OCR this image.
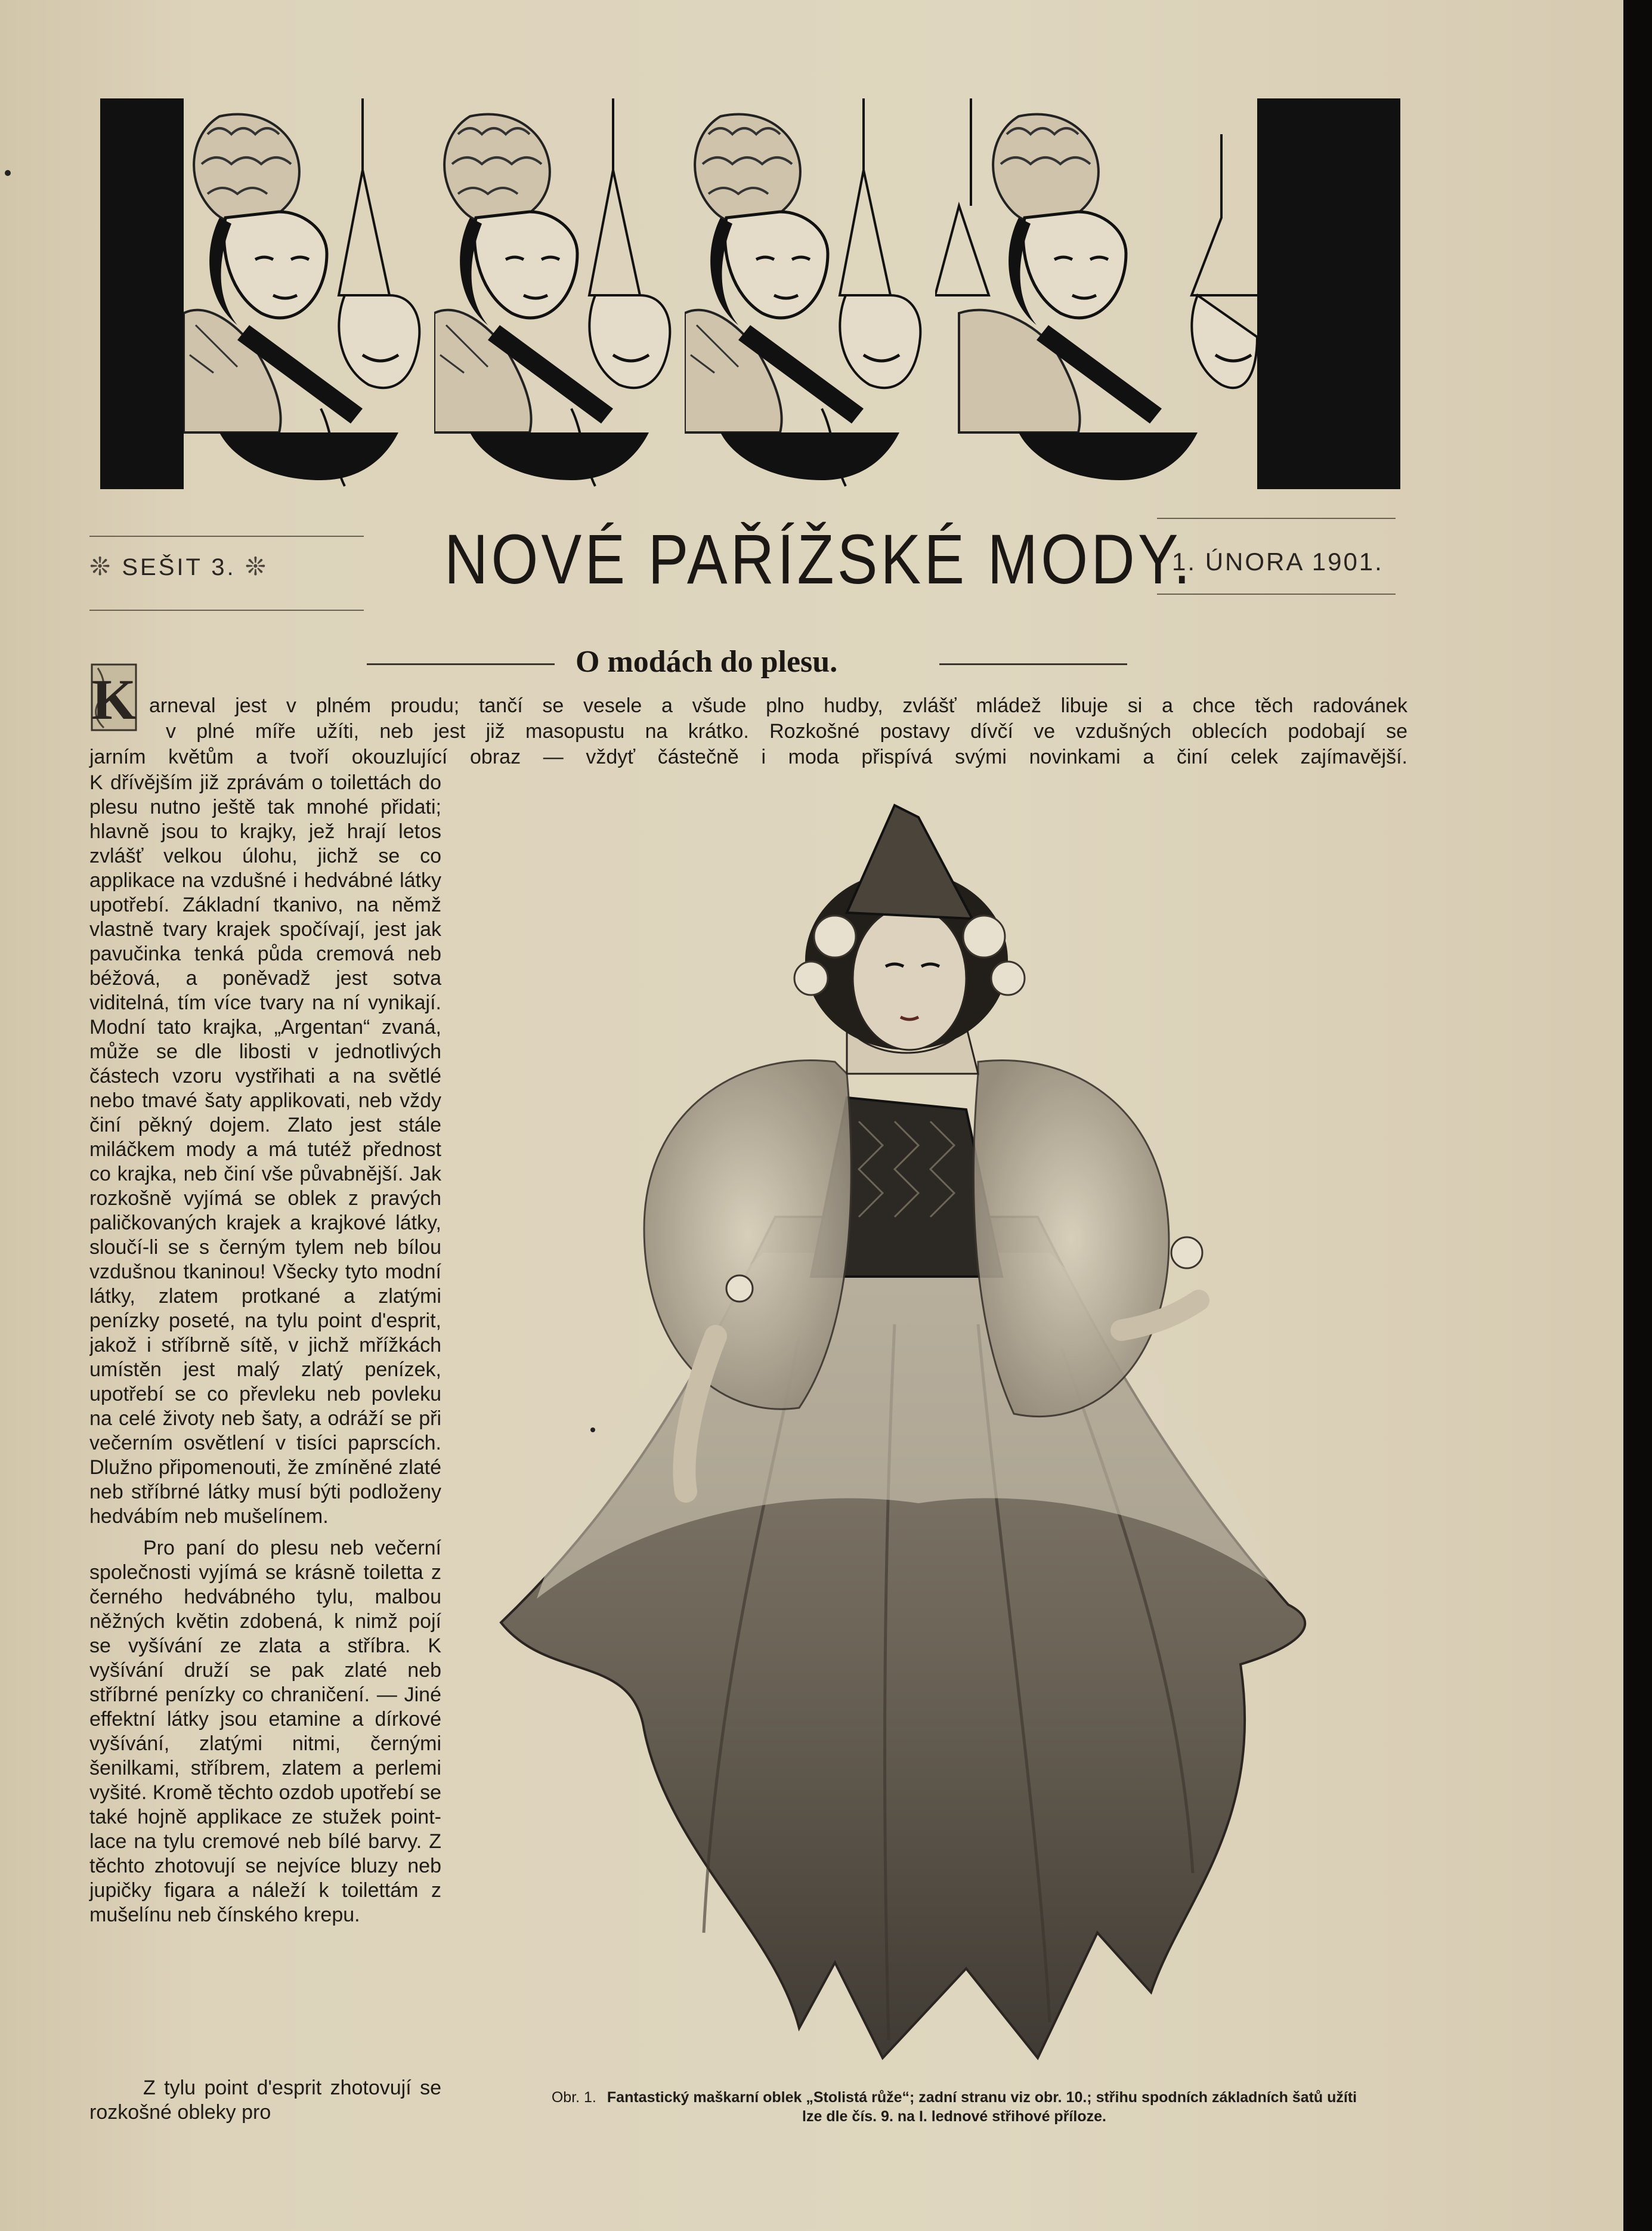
❊ SEŠIT 3. ❊	NOVÉ PAŘÍŽSKÉ MODY.
1. ÚNORA 1901.
O modách do plesu.
K arneval jest v plném proudu; tančí se vesele a všude plno hudby, zvlášť mládež libuje si a chce těch radovánek
v plné míře užíti, neb jest již masopustu na krátko. Rozkošné postavy dívčí ve vzdušných oblecích podobají se
jarním květům a tvoří okouzlující obraz — vždyť částečně i moda přispívá svými novinkami a činí celek zajímavější.
K dřívějším již zprávám o toilettách do plesu nutno ještě tak mnohé přidati; hlavně jsou to krajky, jež hrají letos zvlášť velkou úlohu, jichž se co applikace na vzdušné i hedvábné látky upotřebí. Základní tkanivo, na němž vlastně tvary krajek spočívají, jest jak pavučinka tenká půda cremová neb béžová, a poněvadž jest sotva viditelná, tím více tvary na ní vynikají. Modní tato krajka, „Argentan“ zvaná, může se dle libosti v jednotlivých částech vzoru vystřihati a na světlé nebo tmavé šaty applikovati, neb vždy činí pěkný dojem. Zlato jest stále miláčkem mody a má tutéž přednost co krajka, neb činí vše půvabnější. Jak rozkošně vyjímá se oblek z pravých paličkovaných krajek a krajkové látky, sloučí-li se s černým tylem neb bílou vzdušnou tkaninou! Všecky tyto modní látky, zlatem protkané a zlatými penízky poseté, na tylu point d'esprit, jakož i stříbrně sítě, v jichž mřížkách umístěn jest malý zlatý penízek, upotřebí se co převleku neb povleku na celé životy neb šaty, a odráží se při večerním osvětlení v tisíci paprscích. Dlužno připomenouti, že zmíněné zlaté neb stříbrné látky musí býti podloženy hedvábím neb mušelínem.
Pro paní do plesu neb večerní společnosti vyjímá se krásně toiletta z černého hedvábného tylu, malbou něžných květin zdobená, k nimž pojí se vyšívání ze zlata a stříbra. K vyšívání druží se pak zlaté neb stříbrné penízky co chraničení. — Jiné effektní látky jsou etamine a dírkové vyšívání, zlatými nitmi, černými šenilkami, stříbrem, zlatem a perlemi vyšité. Kromě těchto ozdob upotřebí se také hojně applikace ze stužek point-lace na tylu cremové neb bílé barvy. Z těchto zhotovují se nejvíce bluzy neb jupičky figara a náleží k toilettám z mušelínu neb čínského krepu.
Z tylu point d'esprit zhotovují se rozkošné obleky pro
Obr. 1. Fantastický maškarní oblek „Stolistá růže“; zadní stranu viz obr. 10.; střihu spodních základních šatů užíti lze dle čís. 9. na I. lednové střihové příloze.
